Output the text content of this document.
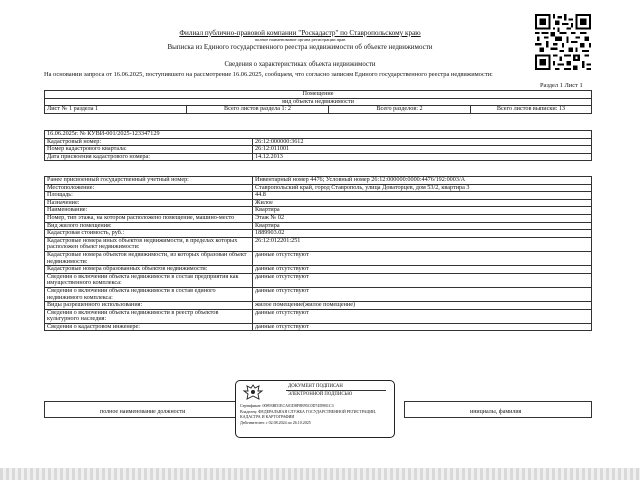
Филиал публично-правовой компании "Роскадастр" по Ставропольскому краю
полное наименование органа регистрации прав
Выписка из Единого государственного реестра недвижимости об объекте недвижимости
Сведения о характеристиках объекта недвижимости
На основании запроса от 16.06.2025, поступившего на рассмотрение 16.06.2025, сообщаем, что согласно записям Единого государственного реестра недвижимости:
Раздел 1 Лист 1
Помещение
вид объекта недвижимости
Лист № 1 раздела 1	Всего листов раздела 1: 2	Всего разделов: 2	Всего листов выписки: 13
16.06.2025г. № КУВИ-001/2025-123347129	
Кадастровый номер:	26:12:000000:3612
Номер кадастрового квартала:	26:12:011001
Дата присвоения кадастрового номера:	14.12.2013
Ранее присвоенный государственный учетный номер:	Инвентарный номер 4476; Условный номер 26:12:000000:0000:4476/192:0003/А
Местоположение:	Ставропольский край, город Ставрополь, улица Доваторцев, дом 53/2, квартира 3
Площадь:	44.8
Назначение:	Жилое
Наименование:	Квартира
Номер, тип этажа, на котором расположено помещение, машино-место	Этаж № 02
Вид жилого помещения:	Квартира
Кадастровая стоимость, руб.:	1889903.02
Кадастровые номера иных объектов недвижимости, в пределах которых расположен объект недвижимости:	26:12:012201:251
Кадастровые номера объектов недвижимости, из которых образован объект недвижимости:	данные отсутствуют
Кадастровые номера образованных объектов недвижимости:	данные отсутствуют
Сведения о включении объекта недвижимости в состав предприятия как имущественного комплекса:	данные отсутствуют
Сведения о включении объекта недвижимости в состав единого недвижимого комплекса:	данные отсутствуют
Виды разрешенного использования:	жилое помещение(жилое помещение)
Сведения о включении объекта недвижимости в реестр объектов культурного наследия:	данные отсутствуют
Сведения о кадастровом инженере:	данные отсутствуют

полное наименование должности	инициалы, фамилия
ДОКУМЕНТ ПОДПИСАН
ЭЛЕКТРОННОЙ ПОДПИСЬЮ
Сертификат: 00893BD1ECA01D8F8B95C0D74D9B1C3
Владелец: ФЕДЕРАЛЬНАЯ СЛУЖБА ГОСУДАРСТВЕННОЙ РЕГИСТРАЦИИ, КАДАСТРА И КАРТОГРАФИИ
Действителен: с 02.08.2024 по 26.10.2025
